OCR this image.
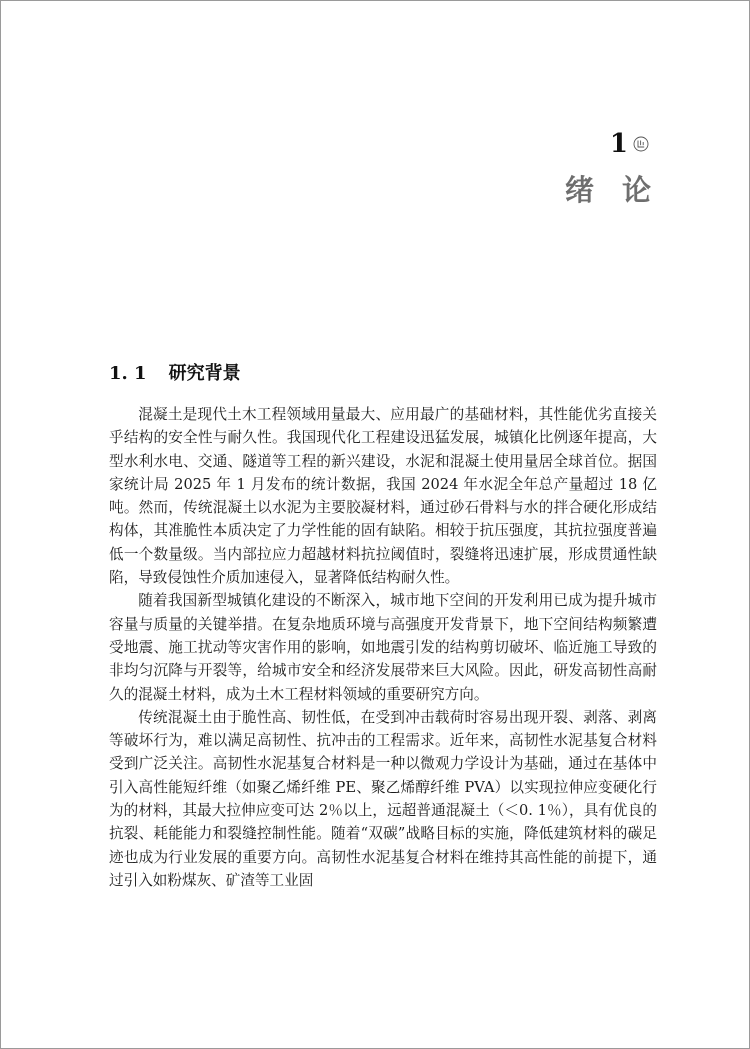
1
绪论
1. 1 研究背景

混凝土是现代土木工程领域用量最大、应用最广的基础材料，其性能优劣直接关乎结构的安全性与耐久性。我国现代化工程建设迅猛发展，城镇化比例逐年提高，大型水利水电、交通、隧道等工程的新兴建设，水泥和混凝土使用量居全球首位。据国家统计局 2025 年 1 月发布的统计数据，我国 2024 年水泥全年总产量超过 18 亿吨。然而，传统混凝土以水泥为主要胶凝材料，通过砂石骨料与水的拌合硬化形成结构体，其准脆性本质决定了力学性能的固有缺陷。相较于抗压强度，其抗拉强度普遍低一个数量级。当内部拉应力超越材料抗拉阈值时，裂缝将迅速扩展，形成贯通性缺陷，导致侵蚀性介质加速侵入，显著降低结构耐久性。

随着我国新型城镇化建设的不断深入，城市地下空间的开发利用已成为提升城市容量与质量的关键举措。在复杂地质环境与高强度开发背景下，地下空间结构频繁遭受地震、施工扰动等灾害作用的影响，如地震引发的结构剪切破坏、临近施工导致的非均匀沉降与开裂等，给城市安全和经济发展带来巨大风险。因此，研发高韧性高耐久的混凝土材料，成为土木工程材料领域的重要研究方向。

传统混凝土由于脆性高、韧性低，在受到冲击载荷时容易出现开裂、剥落、剥离等破坏行为，难以满足高韧性、抗冲击的工程需求。近年来，高韧性水泥基复合材料受到广泛关注。高韧性水泥基复合材料是一种以微观力学设计为基础，通过在基体中引入高性能短纤维（如聚乙烯纤维 PE、聚乙烯醇纤维 PVA）以实现拉伸应变硬化行为的材料，其最大拉伸应变可达 2％以上，远超普通混凝土（＜0. 1％），具有优良的抗裂、耗能能力和裂缝控制性能。随着“双碳”战略目标的实施，降低建筑材料的碳足迹也成为行业发展的重要方向。高韧性水泥基复合材料在维持其高性能的前提下，通过引入如粉煤灰、矿渣等工业固
